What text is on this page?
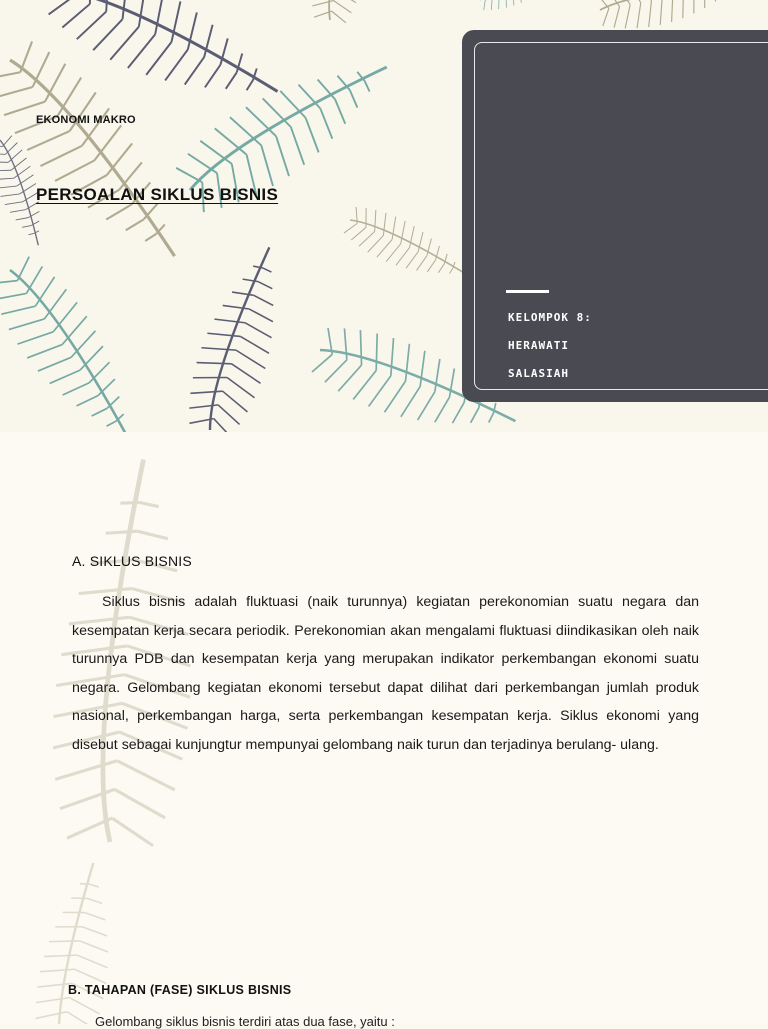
EKONOMI MAKRO
PERSOALAN SIKLUS BISNIS
KELOMPOK 8:
HERAWATI
SALASIAH
A. SIKLUS BISNIS

Siklus bisnis adalah fluktuasi (naik turunnya) kegiatan perekonomian suatu negara dan kesempatan kerja secara periodik. Perekonomian akan mengalami fluktuasi diindikasikan oleh naik turunnya PDB dan kesempatan kerja yang merupakan indikator perkembangan ekonomi suatu negara. Gelombang kegiatan ekonomi tersebut dapat dilihat dari perkembangan jumlah produk nasional, perkembangan harga, serta perkembangan kesempatan kerja. Siklus ekonomi yang disebut sebagai kunjungtur mempunyai gelombang naik turun dan terjadinya berulang- ulang.

B. TAHAPAN (FASE) SIKLUS BISNIS
Gelombang siklus bisnis terdiri atas dua fase, yaitu :
